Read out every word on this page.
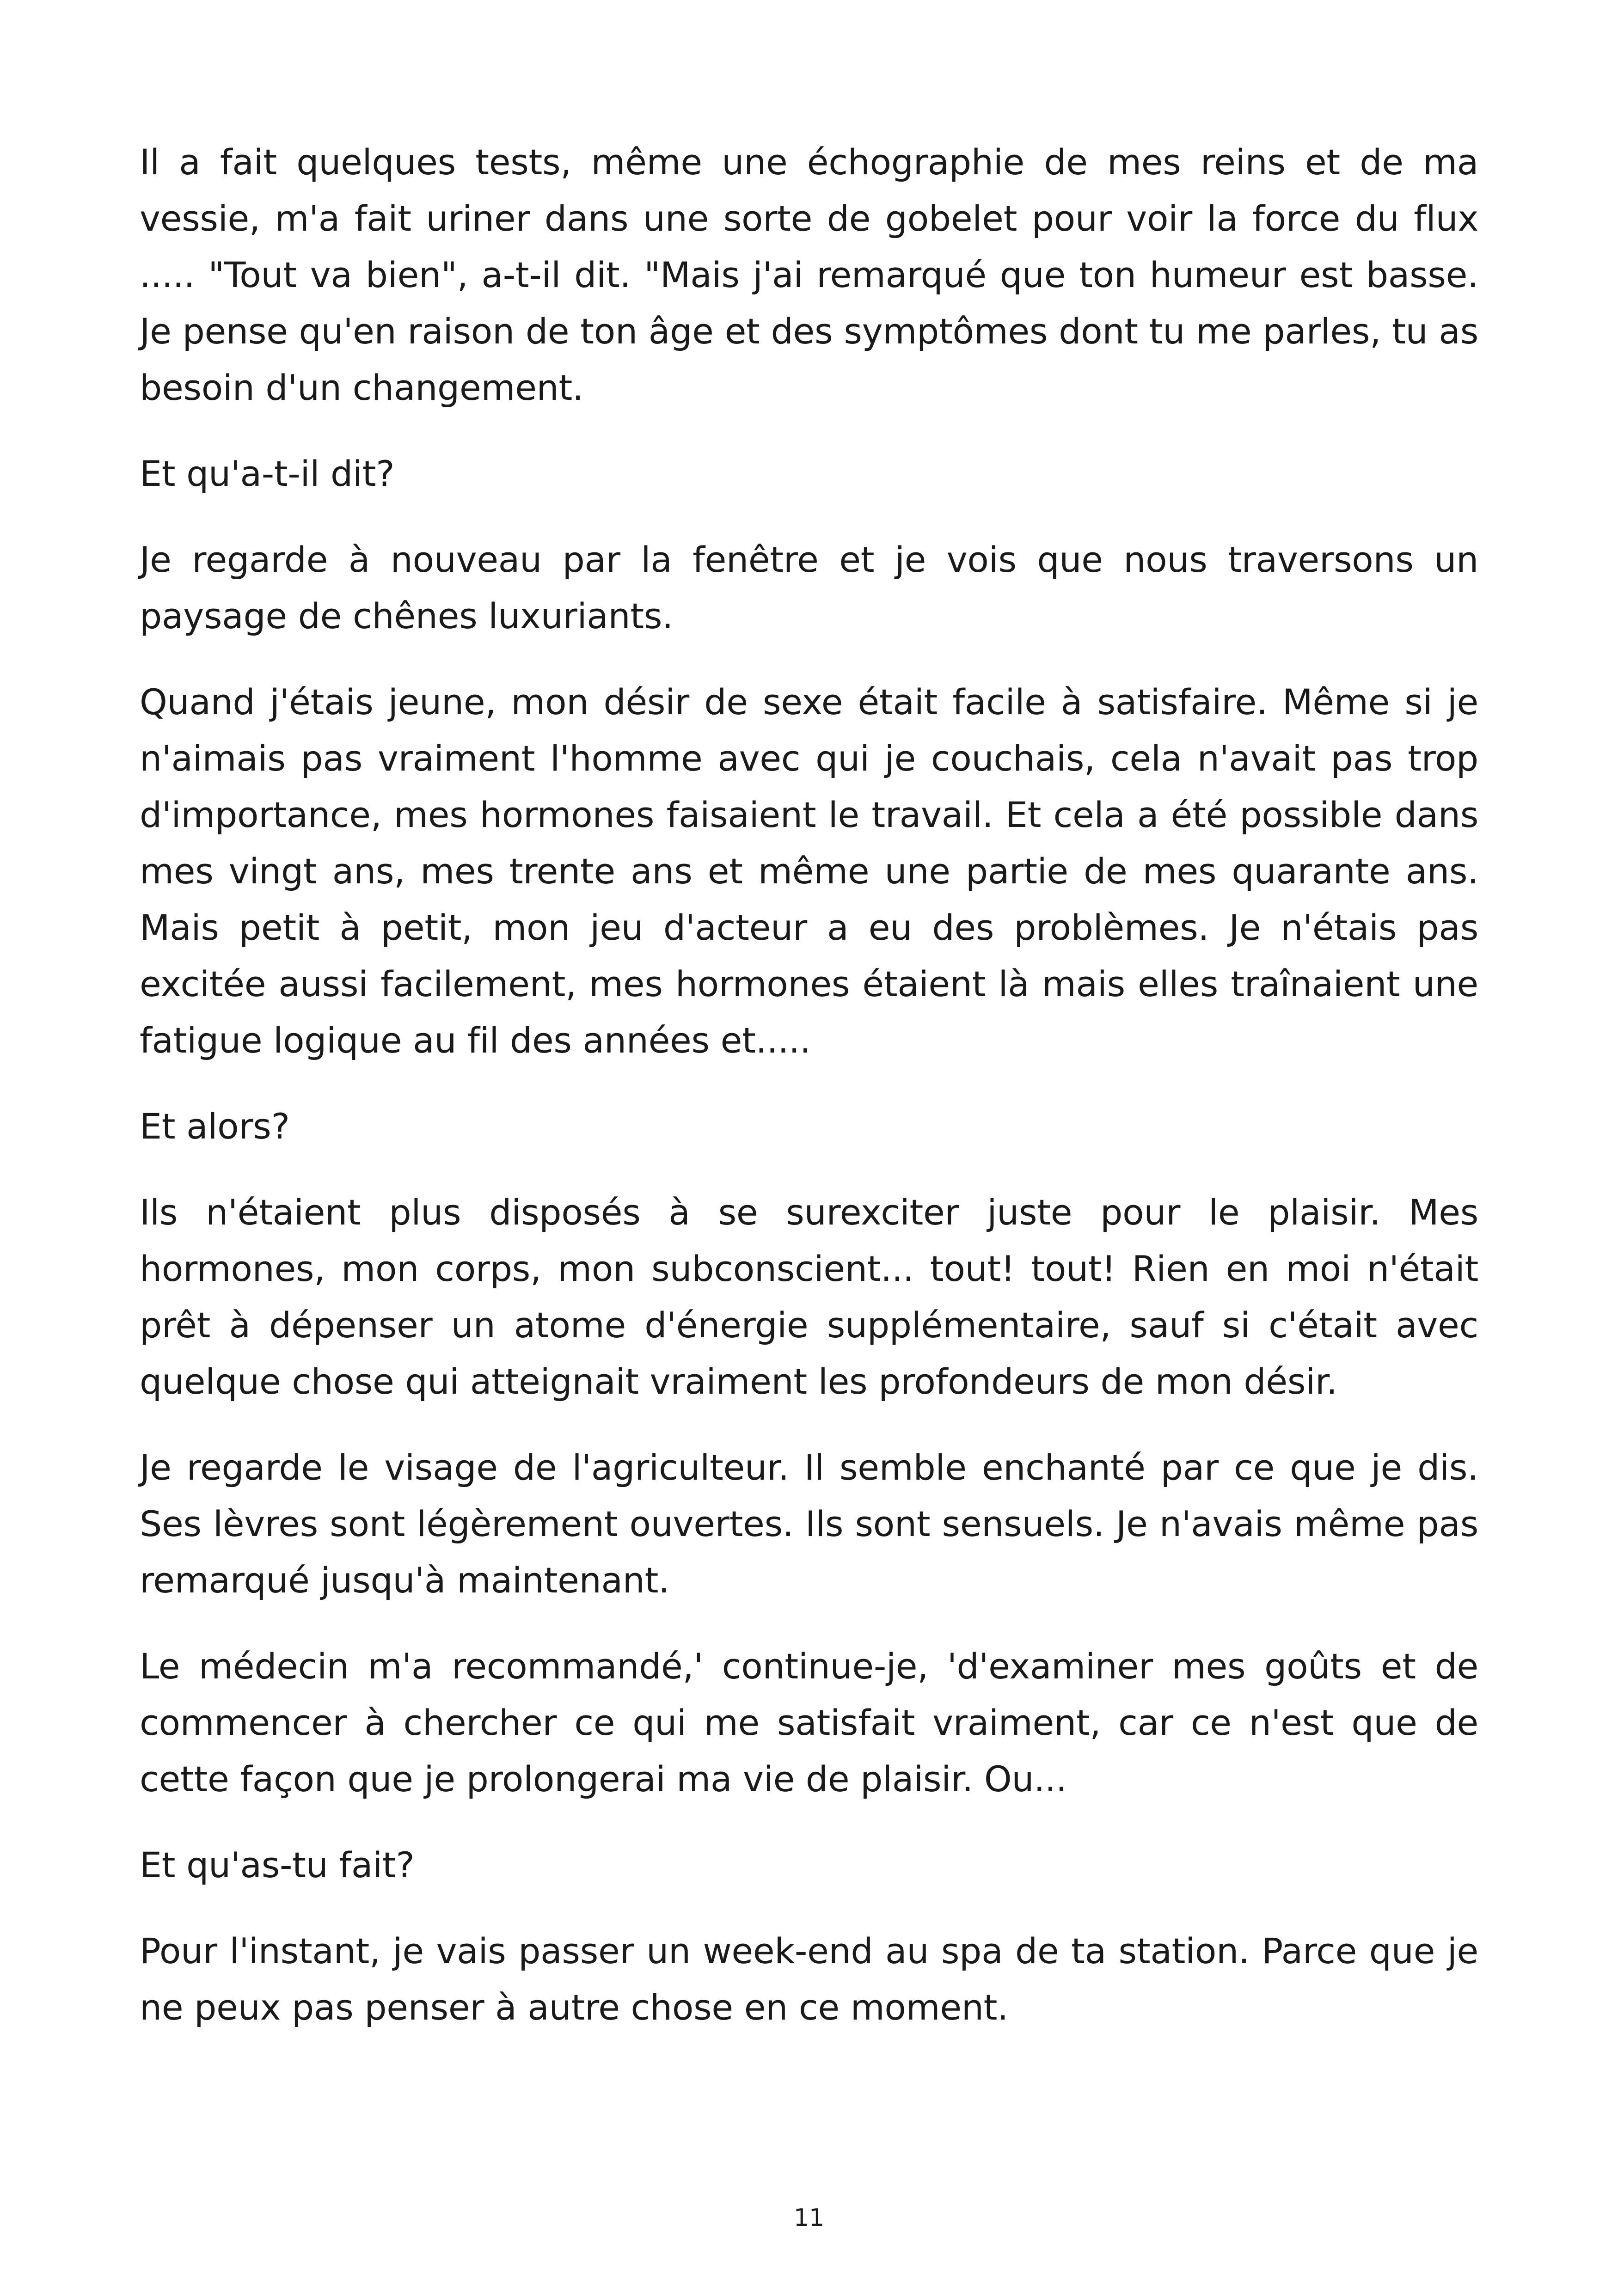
Il a fait quelques tests, même une échographie de mes reins et de ma vessie, m'a fait uriner dans une sorte de gobelet pour voir la force du flux ..... "Tout va bien", a-t-il dit. "Mais j'ai remarqué que ton humeur est basse. Je pense qu'en raison de ton âge et des symptômes dont tu me parles, tu as besoin d'un changement.

Et qu'a-t-il dit?

Je regarde à nouveau par la fenêtre et je vois que nous traversons un paysage de chênes luxuriants.

Quand j'étais jeune, mon désir de sexe était facile à satisfaire. Même si je n'aimais pas vraiment l'homme avec qui je couchais, cela n'avait pas trop d'importance, mes hormones faisaient le travail. Et cela a été possible dans mes vingt ans, mes trente ans et même une partie de mes quarante ans. Mais petit à petit, mon jeu d'acteur a eu des problèmes. Je n'étais pas excitée aussi facilement, mes hormones étaient là mais elles traînaient une fatigue logique au fil des années et.....

Et alors?

Ils n'étaient plus disposés à se surexciter juste pour le plaisir. Mes hormones, mon corps, mon subconscient... tout! tout! Rien en moi n'était prêt à dépenser un atome d'énergie supplémentaire, sauf si c'était avec quelque chose qui atteignait vraiment les profondeurs de mon désir.

Je regarde le visage de l'agriculteur. Il semble enchanté par ce que je dis. Ses lèvres sont légèrement ouvertes. Ils sont sensuels. Je n'avais même pas remarqué jusqu'à maintenant.

Le médecin m'a recommandé,' continue-je, 'd'examiner mes goûts et de commencer à chercher ce qui me satisfait vraiment, car ce n'est que de cette façon que je prolongerai ma vie de plaisir. Ou...

Et qu'as-tu fait?

Pour l'instant, je vais passer un week-end au spa de ta station. Parce que je ne peux pas penser à autre chose en ce moment.

11
